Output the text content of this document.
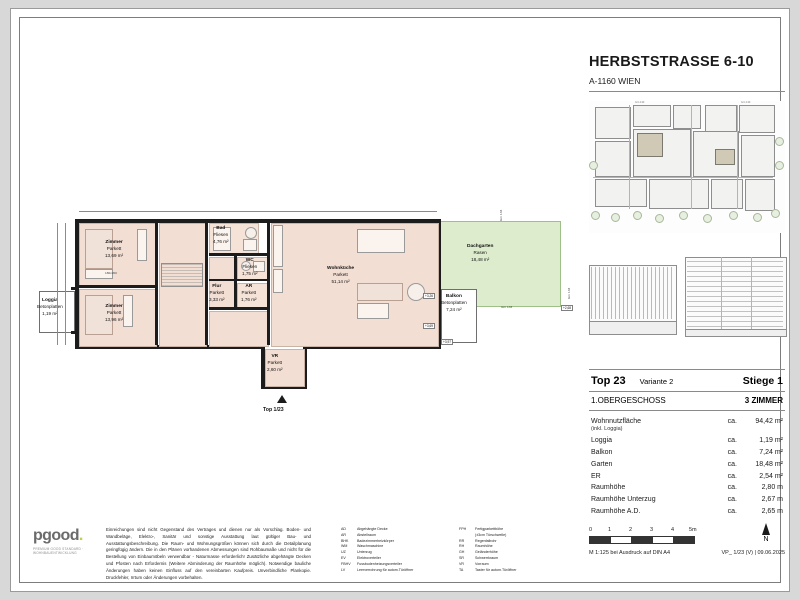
HERBSTSTRASSE 6-10
A-1160 WIEN
Grn 133	Grn 133
Top 23 Variante 2	Stiege 1
1.OBERGESCHOSS	3 ZIMMER
Wohnnutzfläche
(inkl. Loggia)
ca.	94,42 m²
Loggia	ca.	1,19 m²
Balkon	ca.	7,24 m²
Garten	ca.	18,48 m²
ER	ca.	2,54 m²
Raumhöhe	ca.	2,80 m
Raumhöhe Unterzug	ca.	2,67 m
Raumhöhe A.D.	ca.	2,65 m
0	1	2	3	4	5m
M 1:125 bei Ausdruck auf DIN A4	VP_ 1/23 (V) | 09.06.2025
N
pgood.
PREMIUM GOOD STANDARD · WOHNBAUENTWICKLUNG
Einreichungen sind nicht Gegenstand des Vertrages und dienen nur als Vorschlag. Boden- und Wandbeläge, Elektro-, Sanitär und sonstige Ausstattung laut gültiger Bau- und Ausstattungsbeschreibung. Die Raum- und Wohnungsgrößen können sich durch die Detailplanung geringfügig ändern. Die in den Plänen vorhandenen Abmessungen sind Rohbaumaße und nicht für die Bestellung von Einbaumöbeln verwendbar - Naturmasse erforderlich! Zusätzliche abgehängte Decken und Pfosten nach Erfordernis (Weitere Abminderung der Raumhöhe möglich). Notwendige bauliche Änderungen haben keinen Einfluss auf den vereinbarten Kaufpreis. Unverbindliche Plankopie. Druckfehler, Irrtum oder Änderungen vorbehalten.
AD	Abgehängte Decke
AR	Abstellraum
BHK	Badezimmerheizkörper
WM	Waschmaschine
UZ	Unterzug
EV	Elektroverteiler
FBHV	Fussbodenheizungsverteiler
LV	Leerverrohrung für autom.Türöffner
FPH	Fertigparkettböhe
(±3cm Türschwelle)
RR	Regenfallrohr
RH	Raumhöhe
GH	Geländerhöhe
SR	Schwerrkraum
VR	Vorraum
TA	Taster für autom.Türöffner
Dachgarten
Rasen
18,48 m²
Zimmer
Parkett
13,69 m²
180x200
Zimmer
Parkett
13,96 m²
Bad
Fliesen
4,76 m²
WC
Fliesen
1,75 m²
AR
Parkett
1,76 m²
Flur
Parkett
3,33 m²
Wohnküche
Parkett
51,14 m²
VR
Parkett
2,60 m²
Balkon
Betonplatten
7,24 m²
Loggia
Betonplatten
1,19 m²
+3,26
+2,68
+3,69
+3,97
Grn 133
Grn 133
Grn 133

Top 1/23
